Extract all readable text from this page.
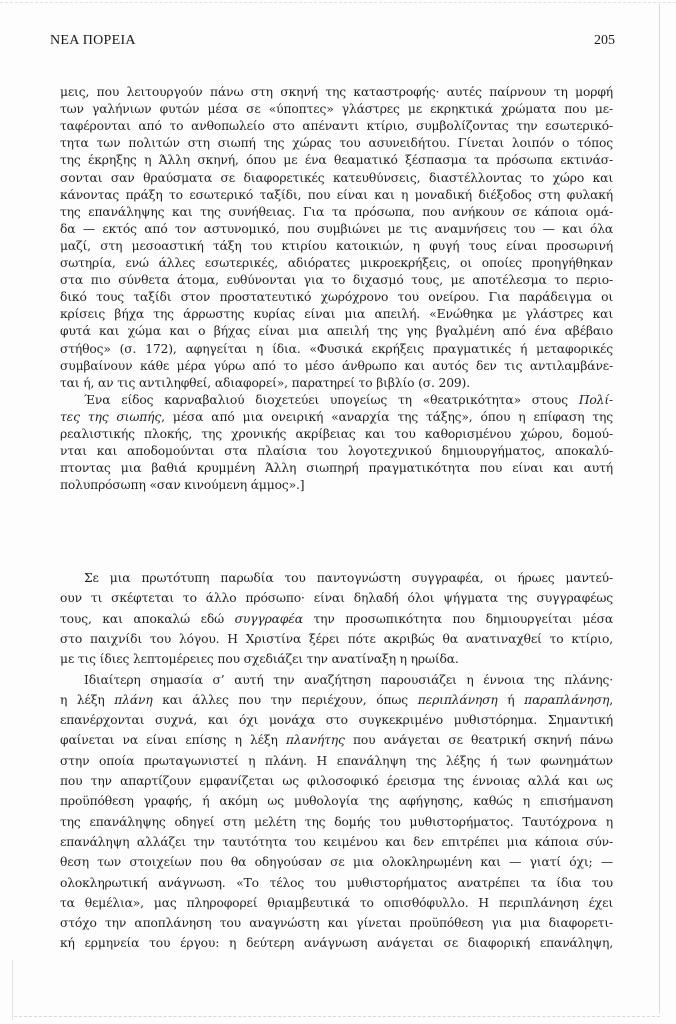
ΝΕΑ ΠΟΡΕΙΑ	205
μεις, που λειτουργούν πάνω στη σκηνή της καταστροφής· αυτές παίρνουν τη μορφή
των γαλήνιων φυτών μέσα σε «ύποπτες» γλάστρες με εκρηκτικά χρώματα που με-
ταφέρονται από το ανθοπωλείο στο απέναντι κτίριο, συμβολίζοντας την εσωτερικό-
τητα των πολιτών στη σιωπή της χώρας του ασυνειδήτου. Γίνεται λοιπόν ο τόπος
της έκρηξης η Άλλη σκηνή, όπου με ένα θεαματικό ξέσπασμα τα πρόσωπα εκτινάσ-
σονται σαν θραύσματα σε διαφορετικές κατευθύνσεις, διαστέλλοντας το χώρο και
κάνοντας πράξη το εσωτερικό ταξίδι, που είναι και η μοναδική διέξοδος στη φυλακή
της επανάληψης και της συνήθειας. Για τα πρόσωπα, που ανήκουν σε κάποια ομά-
δα — εκτός από τον αστυνομικό, που συμβιώνει με τις αναμνήσεις του — και όλα
μαζί, στη μεσοαστική τάξη του κτιρίου κατοικιών, η φυγή τους είναι προσωρινή
σωτηρία, ενώ άλλες εσωτερικές, αδιόρατες μικροεκρήξεις, οι οποίες προηγήθηκαν
στα πιο σύνθετα άτομα, ευθύνονται για το διχασμό τους, με αποτέλεσμα το περιο-
δικό τους ταξίδι στον προστατευτικό χωρόχρονο του ονείρου. Για παράδειγμα οι
κρίσεις βήχα της άρρωστης κυρίας είναι μια απειλή. «Ενώθηκα με γλάστρες και
φυτά και χώμα και ο βήχας είναι μια απειλή της γης βγαλμένη από ένα αβέβαιο
στήθος» (σ. 172), αφηγείται η ίδια. «Φυσικά εκρήξεις πραγματικές ή μεταφορικές
συμβαίνουν κάθε μέρα γύρω από το μέσο άνθρωπο και αυτός δεν τις αντιλαμβάνε-
ται ή, αν τις αντιληφθεί, αδιαφορεί», παρατηρεί το βιβλίο (σ. 209).
Ένα είδος καρναβαλιού διοχετεύει υπογείως τη «θεατρικότητα» στους Πολί-
τες της σιωπής, μέσα από μια ονειρική «αναρχία της τάξης», όπου η επίφαση της
ρεαλιστικής πλοκής, της χρονικής ακρίβειας και του καθορισμένου χώρου, δομού-
νται και αποδομούνται στα πλαίσια του λογοτεχνικού δημιουργήματος, αποκαλύ-
πτοντας μια βαθιά κρυμμένη Άλλη σιωπηρή πραγματικότητα που είναι και αυτή
πολυπρόσωπη «σαν κινούμενη άμμος».]
Σε μια πρωτότυπη παρωδία του παντογνώστη συγγραφέα, οι ήρωες μαντεύ-
ουν τι σκέφτεται το άλλο πρόσωπο· είναι δηλαδή όλοι ψήγματα της συγγραφέως
τους, και αποκαλώ εδώ συγγραφέα την προσωπικότητα που δημιουργείται μέσα
στο παιχνίδι του λόγου. Η Χριστίνα ξέρει πότε ακριβώς θα ανατιναχθεί το κτίριο,
με τις ίδιες λεπτομέρειες που σχεδιάζει την ανατίναξη η ηρωίδα.
Ιδιαίτερη σημασία σ’ αυτή την αναζήτηση παρουσιάζει η έννοια της πλάνης·
η λέξη πλάνη και άλλες που την περιέχουν, όπως περιπλάνηση ή παραπλάνηση,
επανέρχονται συχνά, και όχι μονάχα στο συγκεκριμένο μυθιστόρημα. Σημαντική
φαίνεται να είναι επίσης η λέξη πλανήτης που ανάγεται σε θεατρική σκηνή πάνω
στην οποία πρωταγωνιστεί η πλάνη. Η επανάληψη της λέξης ή των φωνημάτων
που την απαρτίζουν εμφανίζεται ως φιλοσοφικό έρεισμα της έννοιας αλλά και ως
προϋπόθεση γραφής, ή ακόμη ως μυθολογία της αφήγησης, καθώς η επισήμανση
της επανάληψης οδηγεί στη μελέτη της δομής του μυθιστορήματος. Ταυτόχρονα η
επανάληψη αλλάζει την ταυτότητα του κειμένου και δεν επιτρέπει μια κάποια σύν-
θεση των στοιχείων που θα οδηγούσαν σε μια ολοκληρωμένη και — γιατί όχι; —
ολοκληρωτική ανάγνωση. «Το τέλος του μυθιστορήματος ανατρέπει τα ίδια του
τα θεμέλια», μας πληροφορεί θριαμβευτικά το οπισθόφυλλο. Η περιπλάνηση έχει
στόχο την αποπλάνηση του αναγνώστη και γίνεται προϋπόθεση για μια διαφορετι-
κή ερμηνεία του έργου: η δεύτερη ανάγνωση ανάγεται σε διαφορική επανάληψη,
